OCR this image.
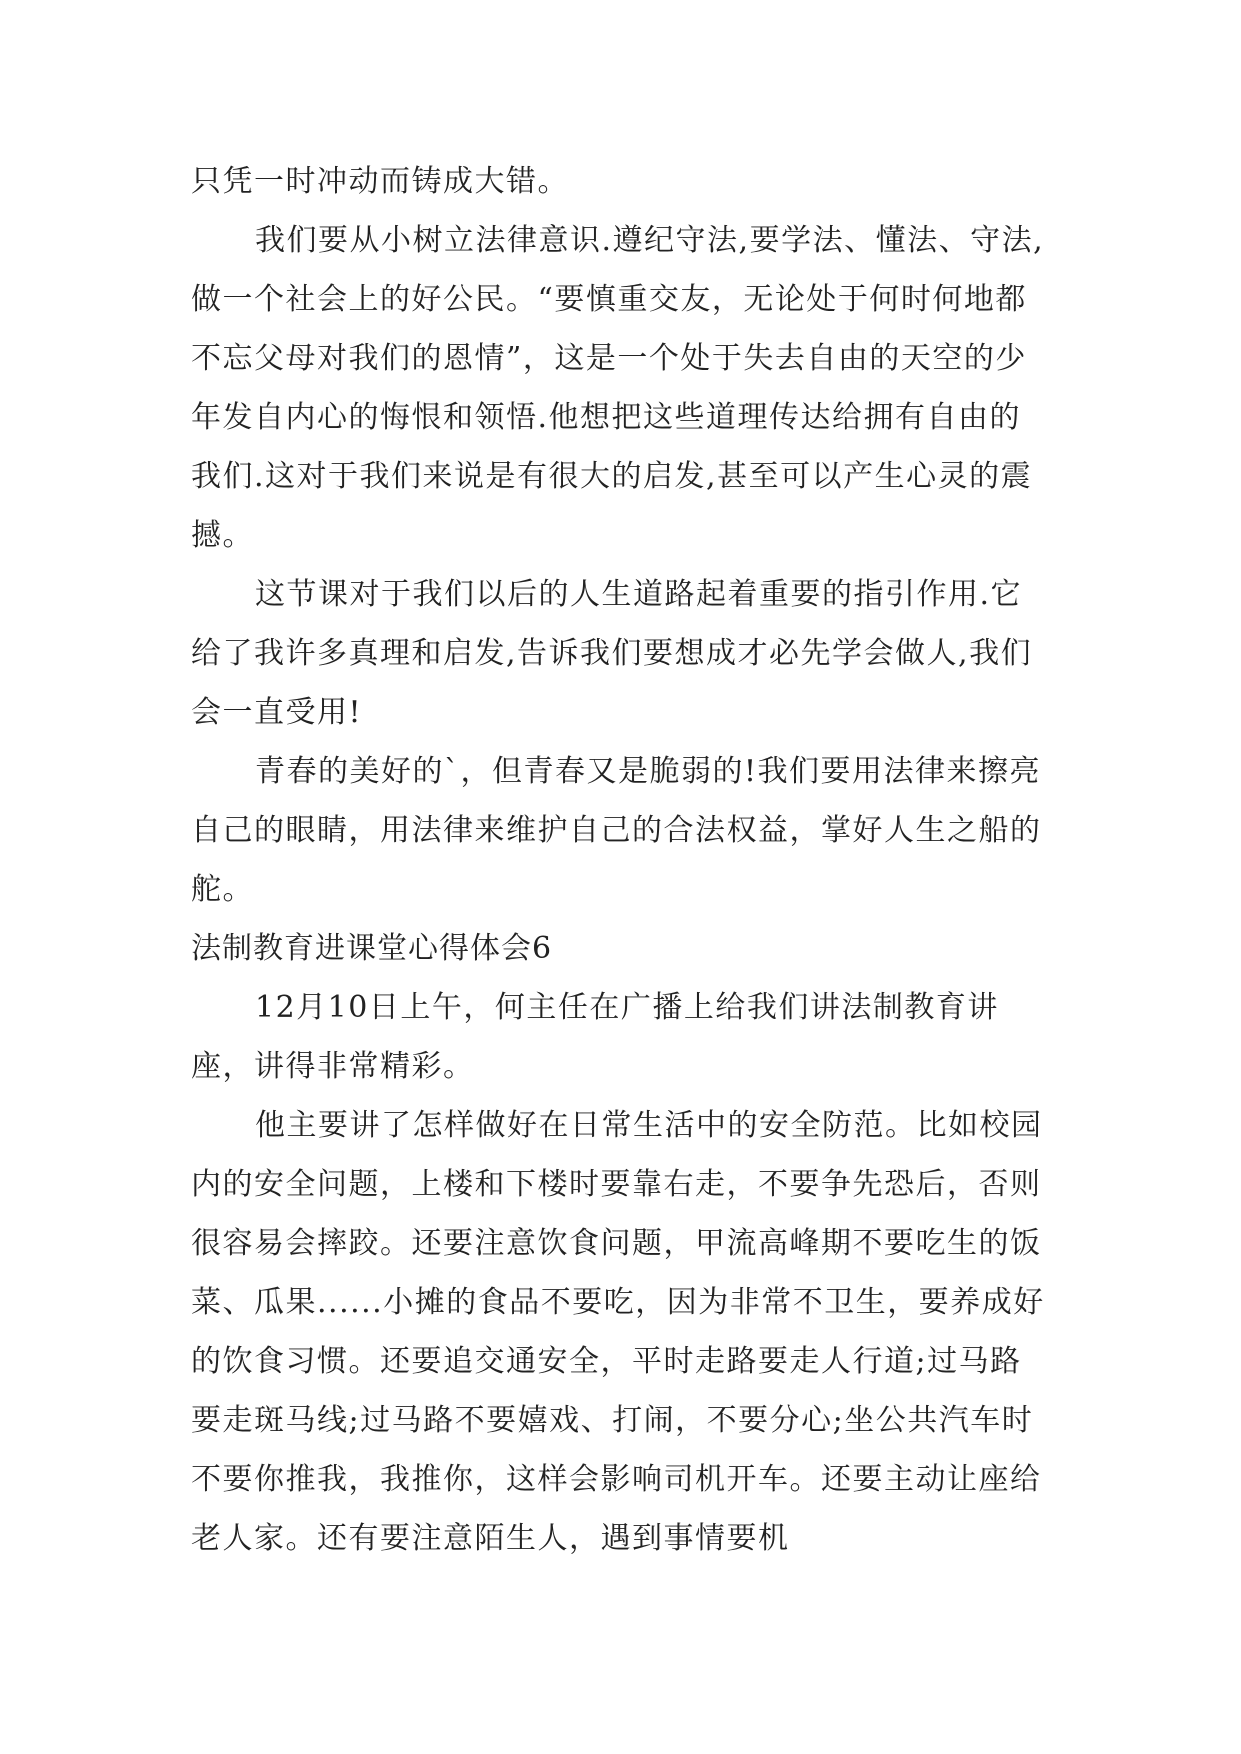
只凭一时冲动而铸成大错。

我们要从小树立法律意识.遵纪守法,要学法、懂法、守法,做一个社会上的好公民。“要慎重交友，无论处于何时何地都不忘父母对我们的恩情”，这是一个处于失去自由的天空的少年发自内心的悔恨和领悟.他想把这些道理传达给拥有自由的我们.这对于我们来说是有很大的启发,甚至可以产生心灵的震撼。

这节课对于我们以后的人生道路起着重要的指引作用.它给了我许多真理和启发,告诉我们要想成才必先学会做人,我们会一直受用!

青春的美好的`，但青春又是脆弱的!我们要用法律来擦亮自己的眼睛，用法律来维护自己的合法权益，掌好人生之船的舵。

法制教育进课堂心得体会6

12月10日上午，何主任在广播上给我们讲法制教育讲座，讲得非常精彩。

他主要讲了怎样做好在日常生活中的安全防范。比如校园内的安全问题，上楼和下楼时要靠右走，不要争先恐后，否则很容易会摔跤。还要注意饮食问题，甲流高峰期不要吃生的饭菜、瓜果......小摊的食品不要吃，因为非常不卫生，要养成好的饮食习惯。还要追交通安全，平时走路要走人行道;过马路要走斑马线;过马路不要嬉戏、打闹，不要分心;坐公共汽车时不要你推我，我推你，这样会影响司机开车。还要主动让座给老人家。还有要注意陌生人，遇到事情要机
